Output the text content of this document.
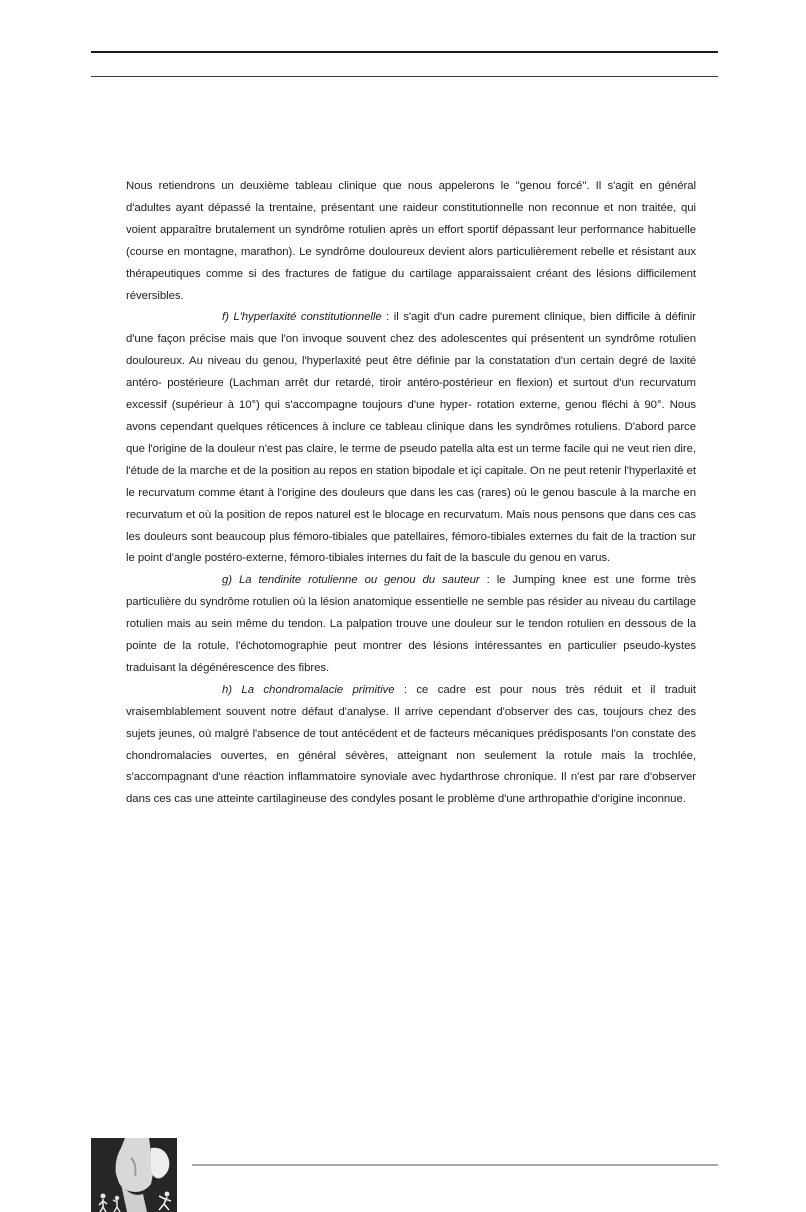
Nous retiendrons un deuxième tableau clinique que nous appelerons le "genou forcé". Il s'agit en général d'adultes ayant dépassé la trentaine, présentant une raideur constitutionnelle non reconnue et non traitée, qui voient apparaître brutalement un syndrôme rotulien après un effort sportif dépassant leur performance habituelle (course en montagne, marathon). Le syndrôme douloureux devient alors particulièrement rebelle et résistant aux thérapeutiques comme si des fractures de fatigue du cartilage apparaissaient créant des lésions difficilement réversibles.

f) L'hyperlaxité constitutionnelle : il s'agit d'un cadre purement clinique, bien difficile à définir d'une façon précise mais que l'on invoque souvent chez des adolescentes qui présentent un syndrôme rotulien douloureux. Au niveau du genou, l'hyperlaxité peut être définie par la constatation d'un certain degré de laxité antéro- postérieure (Lachman arrêt dur retardé, tiroir antéro-postérieur en flexion) et surtout d'un recurvatum excessif (supérieur à 10°) qui s'accompagne toujours d'une hyper- rotation externe, genou fléchi à 90°. Nous avons cependant quelques réticences à inclure ce tableau clinique dans les syndrômes rotuliens. D'abord parce que l'origine de la douleur n'est pas claire, le terme de pseudo patella alta est un terme facile qui ne veut rien dire, l'étude de la marche et de la position au repos en station bipodale et içi capitale. On ne peut retenir l'hyperlaxité et le recurvatum comme étant à l'origine des douleurs que dans les cas (rares) où le genou bascule à la marche en recurvatum et où la position de repos naturel est le blocage en recurvatum. Mais nous pensons que dans ces cas les douleurs sont beaucoup plus fémoro-tibiales que patellaires, fémoro-tibiales externes du fait de la traction sur le point d'angle postéro-externe, fémoro-tibiales internes du fait de la bascule du genou en varus.

g) La tendinite rotulienne ou genou du sauteur : le Jumping knee est une forme très particulière du syndrôme rotulien où la lésion anatomique essentielle ne semble pas résider au niveau du cartilage rotulien mais au sein même du tendon. La palpation trouve une douleur sur le tendon rotulien en dessous de la pointe de la rotule, l'échotomographie peut montrer des lésions intéressantes en particulier pseudo-kystes traduisant la dégénérescence des fibres.

h) La chondromalacie primitive : ce cadre est pour nous très réduit et il traduit vraisemblablement souvent notre défaut d'analyse. Il arrive cependant d'observer des cas, toujours chez des sujets jeunes, où malgré l'absence de tout antécédent et de facteurs mécaniques prédisposants l'on constate des chondromalacies ouvertes, en général sévères, atteignant non seulement la rotule mais la trochlée, s'accompagnant d'une réaction inflammatoire synoviale avec hydarthrose chronique. Il n'est par rare d'observer dans ces cas une atteinte cartilagineuse des condyles posant le problème d'une arthropathie d'origine inconnue.
